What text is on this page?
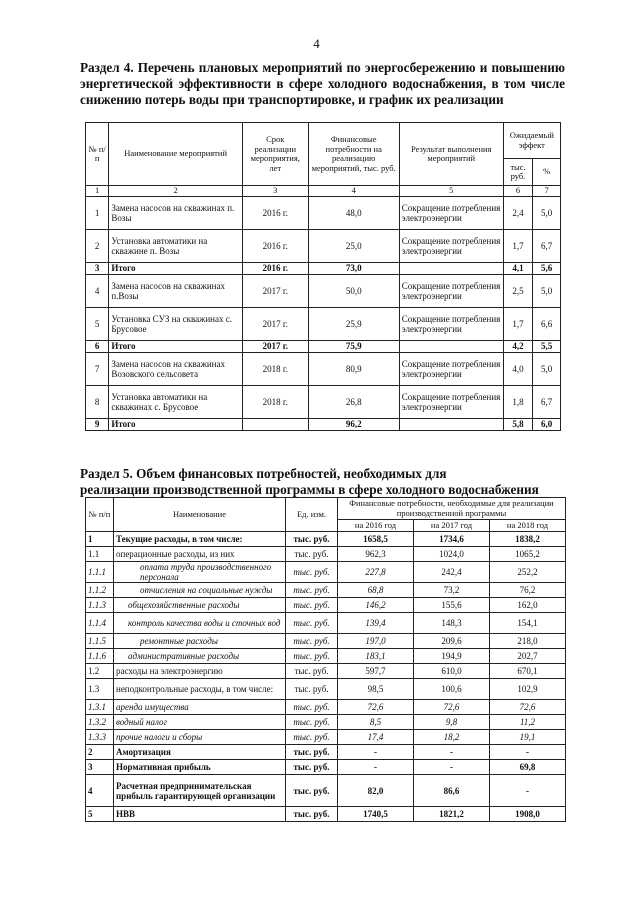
4
Раздел 4. Перечень плановых мероприятий по энергосбережению и повышению энергетической эффективности в сфере холодного водоснабжения, в том числе снижению потерь воды при транспортировке, и график их реализации
№ п/п	Наименование мероприятий	Срок реализации мероприятия, лет	Финансовые потребности на реализацию мероприятий, тыс. руб.	Результат выполнения мероприятий	Ожидаемый эффект	
					тыс. руб.	%
1	2	3	4	5	6	7
1	Замена насосов на скважинах п. Возы	2016 г.	48,0	Сокращение потребления электроэнергии	2,4	5,0
2	Установка автоматики на скважине п. Возы	2016 г.	25,0	Сокращение потребления электроэнергии	1,7	6,7
3	Итого	2016 г.	73,0		4,1	5,6
4	Замена насосов на скважинах п.Возы	2017 г.	50,0	Сокращение потребления электроэнергии	2,5	5,0
5	Установка СУЗ на скважинах с. Брусовое	2017 г.	25,9	Сокращение потребления электроэнергии	1,7	6,6
6	Итого	2017 г.	75,9		4,2	5,5
7	Замена насосов на скважинах Возовского сельсовета	2018 г.	80,9	Сокращение потребления электроэнергии	4,0	5,0
8	Установка автоматики на скважинах с. Брусовое	2018 г.	26,8	Сокращение потребления электроэнергии	1,8	6,7
9	Итого		96,2		5,8	6,0
Раздел 5. Объем финансовых потребностей, необходимых для
реализации производственной программы в сфере холодного водоснабжения
№ п/п	Наименование	Ед. изм.	Финансовые потребности, необходимые для реализации производственной программы		
			на 2016 год	на 2017 год	на 2018 год
1	Текущие расходы, в том числе:	тыс. руб.	1658,5	1734,6	1838,2
1.1	операционные расходы, из них	тыс. руб.	962,3	1024,0	1065,2
1.1.1	оплата труда производственного персонала	тыс. руб.	227,8	242,4	252,2
1.1.2	отчисления на социальные нужды	тыс. руб.	68,8	73,2	76,2
1.1.3	общехозяйственные расходы	тыс. руб.	146,2	155,6	162,0
1.1.4	контроль качества воды и сточных вод	тыс. руб.	139,4	148,3	154,1
1.1.5	ремонтные расходы	тыс. руб.	197,0	209,6	218,0
1.1.6	административные расходы	тыс. руб.	183,1	194,9	202,7
1.2	расходы на электроэнергию	тыс. руб.	597,7	610,0	670,1
1.3	неподконтрольные расходы, в том числе:	тыс. руб.	98,5	100,6	102,9
1.3.1	аренда имущества	тыс. руб.	72,6	72,6	72,6
1.3.2	водный налог	тыс. руб.	8,5	9,8	11,2
1.3.3	прочие налоги и сборы	тыс. руб.	17,4	18,2	19,1
2	Амортизация	тыс. руб.	-	-	-
3	Нормативная прибыль	тыс. руб.	-	-	69,8
4	Расчетная предпринимательская прибыль гарантирующей организации	тыс. руб.	82,0	86,6	-
5	НВВ	тыс. руб.	1740,5	1821,2	1908,0
